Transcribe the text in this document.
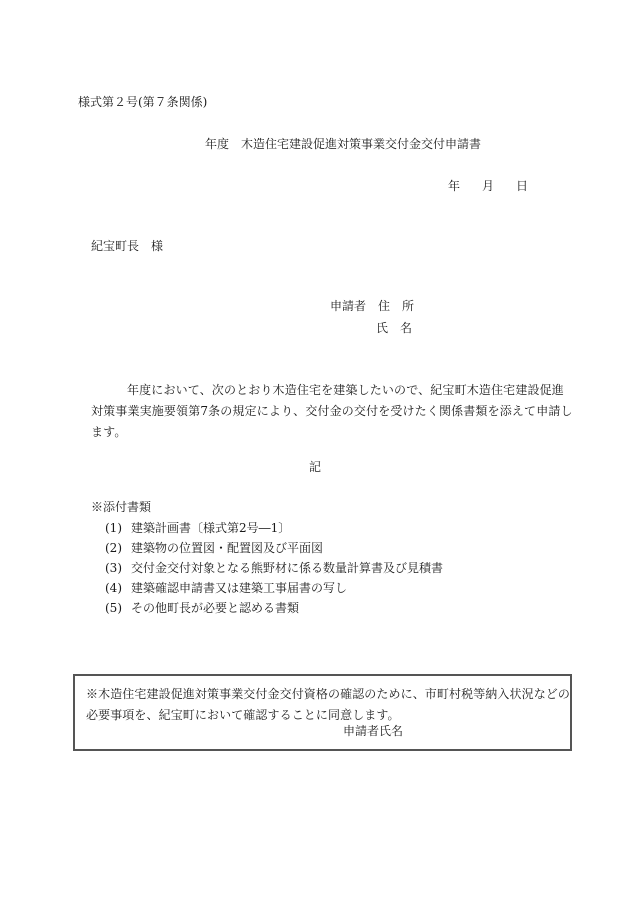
様式第２号(第７条関係)
年度　木造住宅建設促進対策事業交付金交付申請書
年 月 日
紀宝町長　様
申請者　住　所
氏　名
年度において、次のとおり木造住宅を建築したいので、紀宝町木造住宅建設促進対策事業実施要領第7条の規定により、交付金の交付を受けたく関係書類を添えて申請します。
記
※添付書類
(1) 建築計画書〔様式第2号―1〕
(2) 建築物の位置図・配置図及び平面図
(3) 交付金交付対象となる熊野材に係る数量計算書及び見積書
(4) 建築確認申請書又は建築工事届書の写し
(5) その他町長が必要と認める書類
※木造住宅建設促進対策事業交付金交付資格の確認のために、市町村税等納入状況などの必要事項を、紀宝町において確認することに同意します。
申請者氏名
